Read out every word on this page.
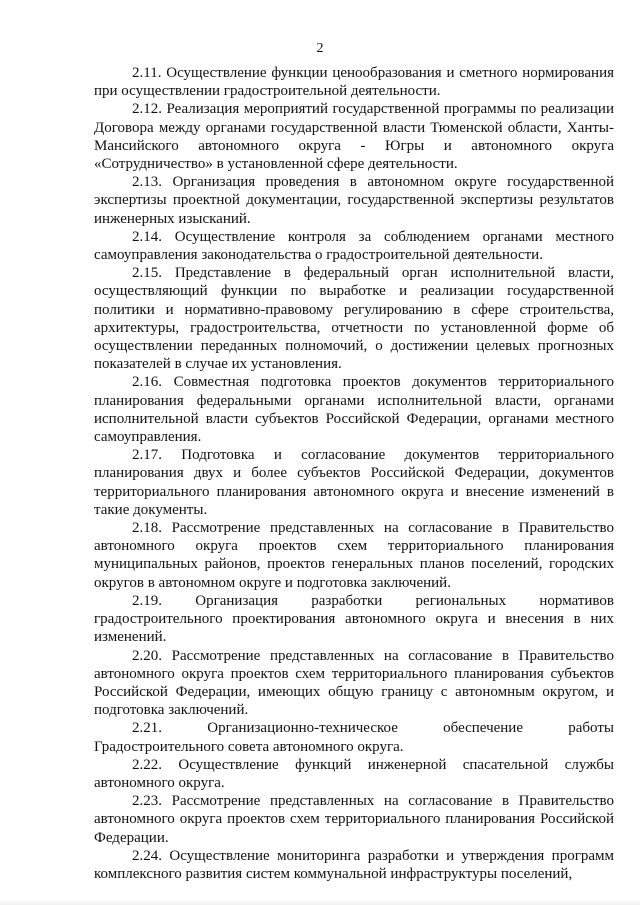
2

2.11. Осуществление функции ценообразования и сметного нормирования при осуществлении градостроительной деятельности.

2.12. Реализация мероприятий государственной программы по реализации Договора между органами государственной власти Тюменской области, Ханты-Мансийского автономного округа - Югры и автономного округа «Сотрудничество» в установленной сфере деятельности.

2.13. Организация проведения в автономном округе государственной экспертизы проектной документации, государственной экспертизы результатов инженерных изысканий.

2.14. Осуществление контроля за соблюдением органами местного самоуправления законодательства о градостроительной деятельности.

2.15. Представление в федеральный орган исполнительной власти, осуществляющий функции по выработке и реализации государственной политики и нормативно-правовому регулированию в сфере строительства, архитектуры, градостроительства, отчетности по установленной форме об осуществлении переданных полномочий, о достижении целевых прогнозных показателей в случае их установления.

2.16. Совместная подготовка проектов документов территориального планирования федеральными органами исполнительной власти, органами исполнительной власти субъектов Российской Федерации, органами местного самоуправления.

2.17. Подготовка и согласование документов территориального планирования двух и более субъектов Российской Федерации, документов территориального планирования автономного округа и внесение изменений в такие документы.

2.18. Рассмотрение представленных на согласование в Правительство автономного округа проектов схем территориального планирования муниципальных районов, проектов генеральных планов поселений, городских округов в автономном округе и подготовка заключений.

2.19. Организация разработки региональных нормативов градостроительного проектирования автономного округа и внесения в них изменений.

2.20. Рассмотрение представленных на согласование в Правительство автономного округа проектов схем территориального планирования субъектов Российской Федерации, имеющих общую границу с автономным округом, и подготовка заключений.

2.21.	Организационно-техническое обеспечение работы Градостроительного совета автономного округа.

2.22. Осуществление функций инженерной спасательной службы автономного округа.

2.23. Рассмотрение представленных на согласование в Правительство автономного округа проектов схем территориального планирования Российской Федерации.

2.24. Осуществление мониторинга разработки и утверждения программ комплексного развития систем коммунальной инфраструктуры поселений,
